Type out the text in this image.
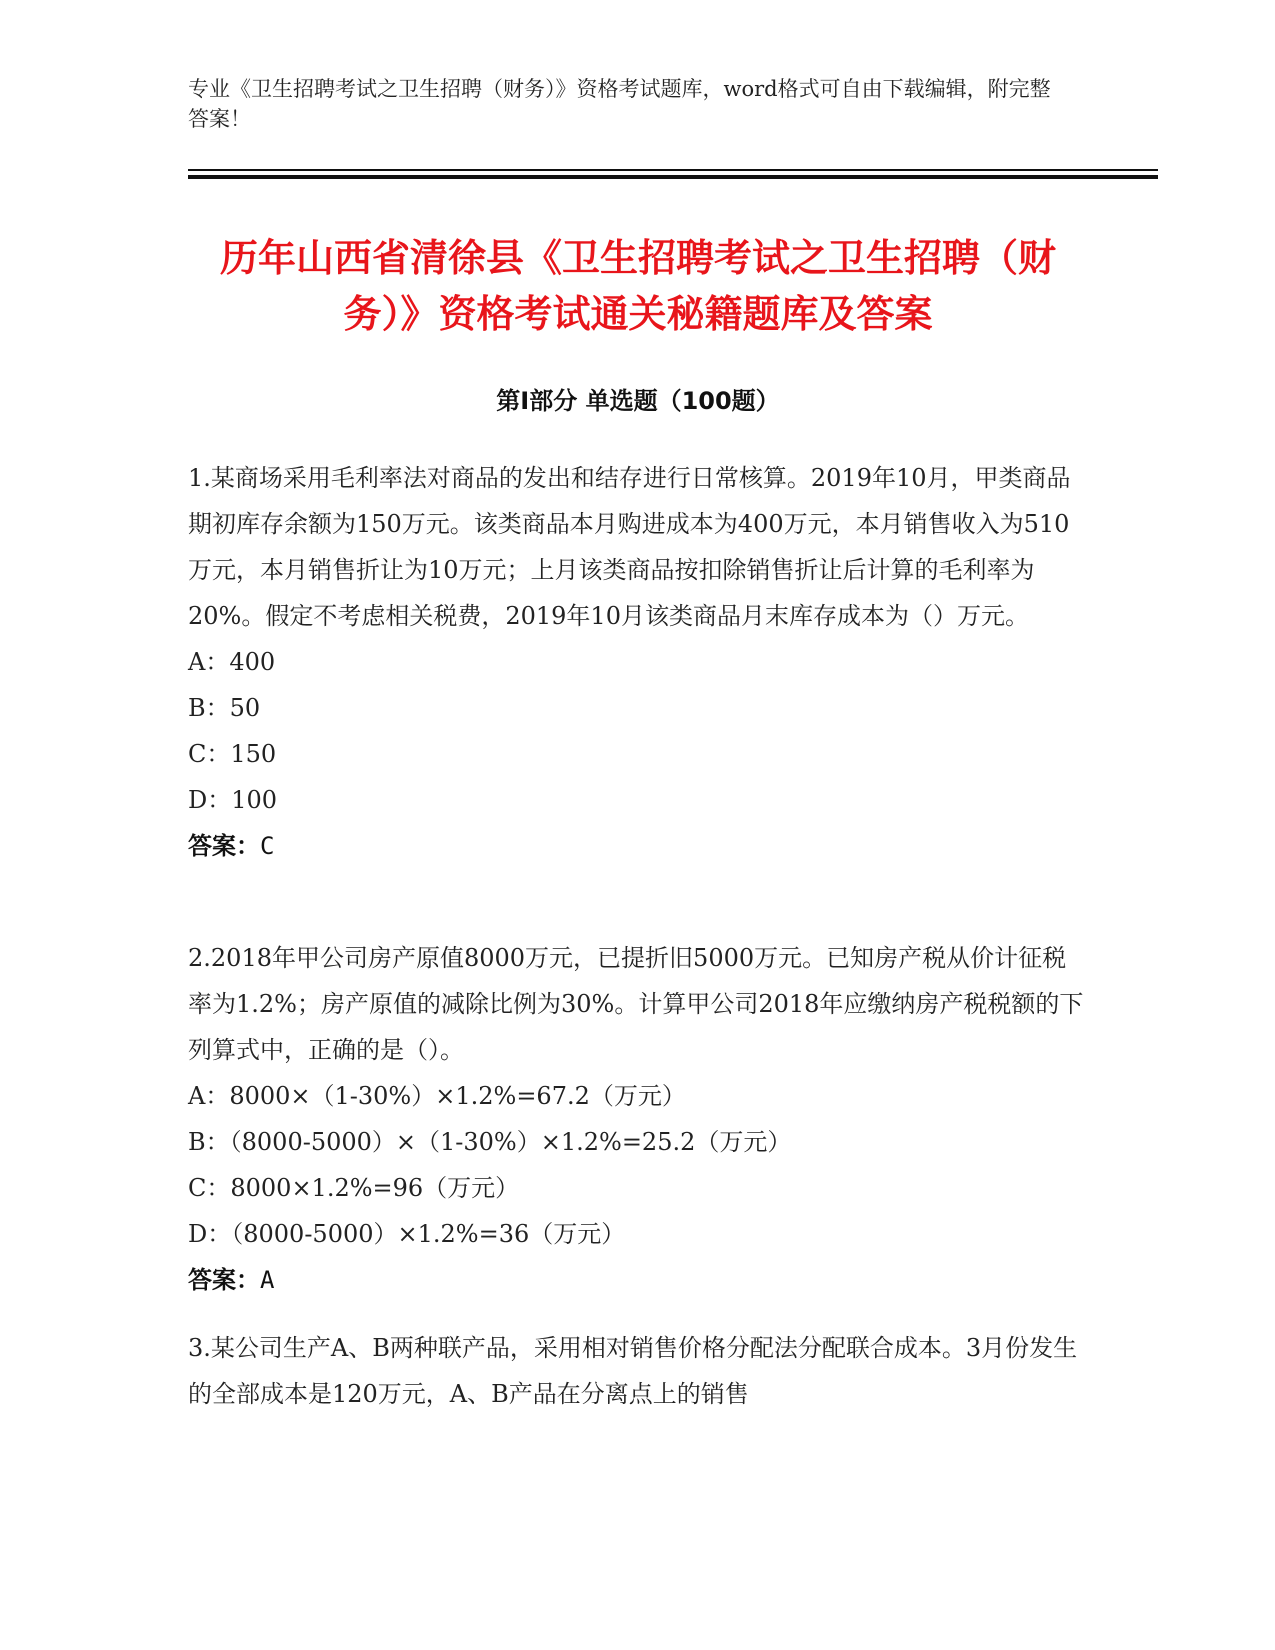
专业《卫生招聘考试之卫生招聘（财务）》资格考试题库，word格式可自由下载编辑，附完整答案！
历年山西省清徐县《卫生招聘考试之卫生招聘（财务）》资格考试通关秘籍题库及答案
第Ⅰ部分 单选题（100题）

1.某商场采用毛利率法对商品的发出和结存进行日常核算。2019年10月，甲类商品期初库存余额为150万元。该类商品本月购进成本为400万元，本月销售收入为510万元，本月销售折让为10万元；上月该类商品按扣除销售折让后计算的毛利率为20%。假定不考虑相关税费，2019年10月该类商品月末库存成本为（）万元。

A：400

B：50

C：150

D：100

答案：C

2.2018年甲公司房产原值8000万元，已提折旧5000万元。已知房产税从价计征税率为1.2%；房产原值的减除比例为30%。计算甲公司2018年应缴纳房产税税额的下列算式中，正确的是（）。

A：8000×（1-30%）×1.2%=67.2（万元）

B：（8000-5000）×（1-30%）×1.2%=25.2（万元）

C：8000×1.2%=96（万元）

D：（8000-5000）×1.2%=36（万元）

答案：A

3.某公司生产A、B两种联产品，采用相对销售价格分配法分配联合成本。3月份发生的全部成本是120万元，A、B产品在分离点上的销售
